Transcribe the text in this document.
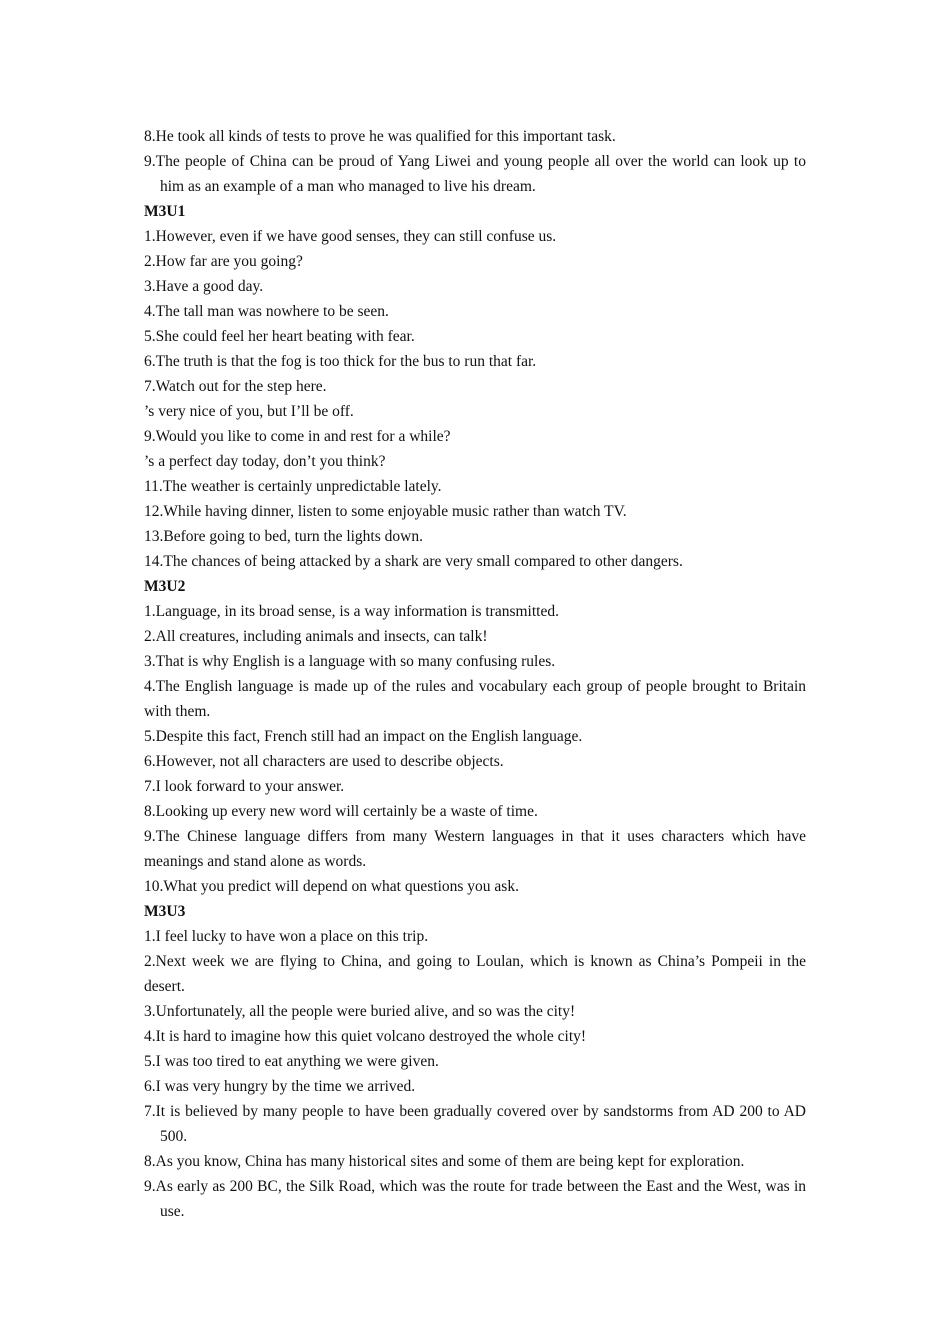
8.He took all kinds of tests to prove he was qualified for this important task.

9.The people of China can be proud of Yang Liwei and young people all over the world can look up to him as an example of a man who managed to live his dream.

M3U1

1.However, even if we have good senses, they can still confuse us.

2.How far are you going?

3.Have a good day.

4.The tall man was nowhere to be seen.

5.She could feel her heart beating with fear.

6.The truth is that the fog is too thick for the bus to run that far.

7.Watch out for the step here.

’s very nice of you, but I’ll be off.

9.Would you like to come in and rest for a while?

’s a perfect day today, don’t you think?

11.The weather is certainly unpredictable lately.

12.While having dinner, listen to some enjoyable music rather than watch TV.

13.Before going to bed, turn the lights down.

14.The chances of being attacked by a shark are very small compared to other dangers.

M3U2

1.Language, in its broad sense, is a way information is transmitted.

2.All creatures, including animals and insects, can talk!

3.That is why English is a language with so many confusing rules.

4.The English language is made up of the rules and vocabulary each group of people brought to Britain with them.

5.Despite this fact, French still had an impact on the English language.

6.However, not all characters are used to describe objects.

7.I look forward to your answer.

8.Looking up every new word will certainly be a waste of time.

9.The Chinese language differs from many Western languages in that it uses characters which have meanings and stand alone as words.

10.What you predict will depend on what questions you ask.

M3U3

1.I feel lucky to have won a place on this trip.

2.Next week we are flying to China, and going to Loulan, which is known as China’s Pompeii in the desert.

3.Unfortunately, all the people were buried alive, and so was the city!

4.It is hard to imagine how this quiet volcano destroyed the whole city!

5.I was too tired to eat anything we were given.

6.I was very hungry by the time we arrived.

7.It is believed by many people to have been gradually covered over by sandstorms from AD 200 to AD 500.

8.As you know, China has many historical sites and some of them are being kept for exploration.

9.As early as 200 BC, the Silk Road, which was the route for trade between the East and the West, was in use.
